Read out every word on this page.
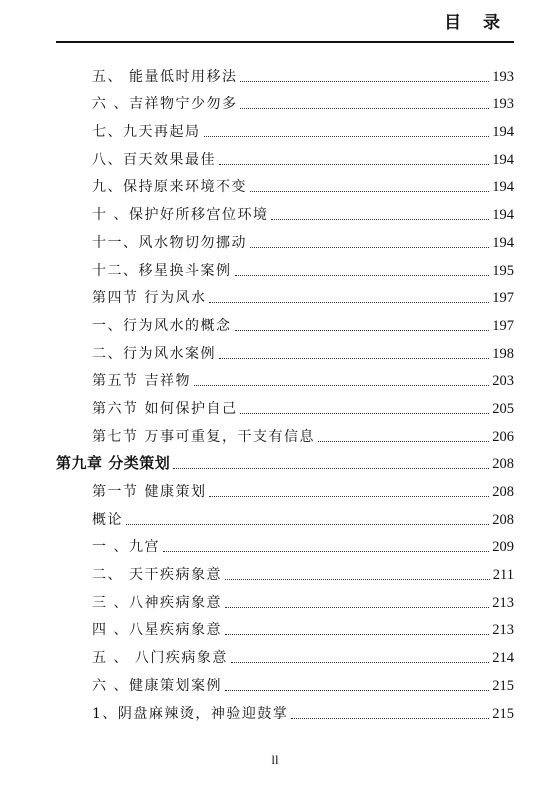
目 录
五、 能量低时用移法	193
六 、吉祥物宁少勿多	193
七、九天再起局	194
八、百天效果最佳	194
九、保持原来环境不变	194
十 、保护好所移宫位环境	194
十一、风水物切勿挪动	194
十二、移星换斗案例	195
第四节 行为风水	197
一、行为风水的概念	197
二、行为风水案例	198
第五节 吉祥物	203
第六节 如何保护自己	205
第七节 万事可重复，干支有信息	206
第九章 分类策划	208
第一节 健康策划	208
概论	208
一 、九宫	209
二、 天干疾病象意	211
三 、八神疾病象意	213
四 、八星疾病象意	213
五 、 八门疾病象意	214
六 、健康策划案例	215
1、阴盘麻辣烫，神验迎鼓掌	215
ll
